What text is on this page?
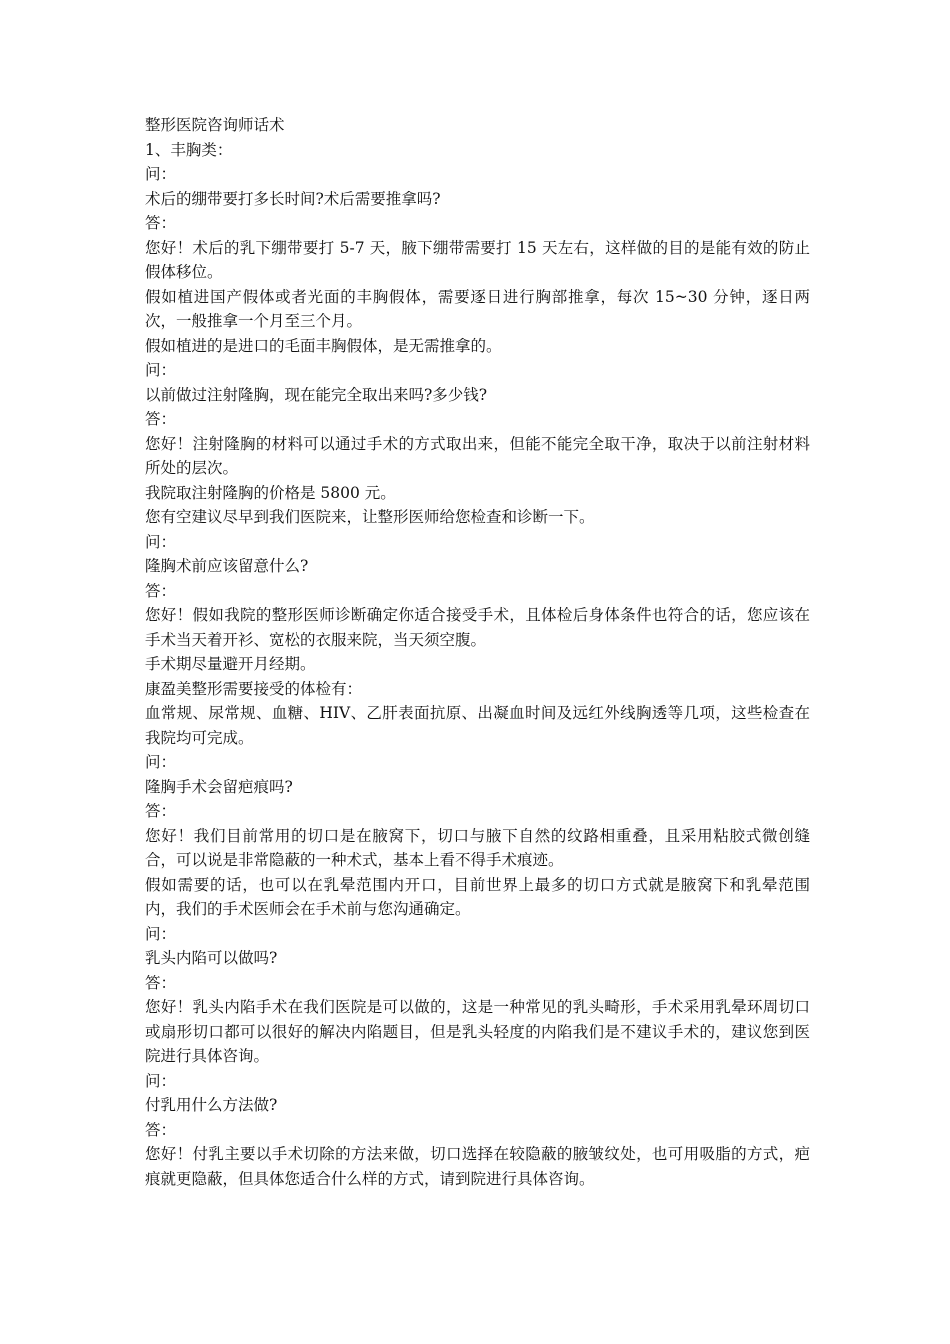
整形医院咨询师话术

1、丰胸类：

问：

术后的绷带要打多长时间?术后需要推拿吗?

答：

您好！术后的乳下绷带要打 5-7 天，腋下绷带需要打 15 天左右，这样做的目的是能有效的防止假体移位。

假如植进国产假体或者光面的丰胸假体，需要逐日进行胸部推拿，每次 15~30 分钟，逐日两次，一般推拿一个月至三个月。

假如植进的是进口的毛面丰胸假体，是无需推拿的。

问：

以前做过注射隆胸，现在能完全取出来吗?多少钱?

答：

您好！注射隆胸的材料可以通过手术的方式取出来，但能不能完全取干净，取决于以前注射材料所处的层次。

我院取注射隆胸的价格是 5800 元。

您有空建议尽早到我们医院来，让整形医师给您检查和诊断一下。

问：

隆胸术前应该留意什么?

答：

您好！假如我院的整形医师诊断确定你适合接受手术，且体检后身体条件也符合的话，您应该在手术当天着开衫、宽松的衣服来院，当天须空腹。

手术期尽量避开月经期。

康盈美整形需要接受的体检有：

血常规、尿常规、血糖、HIV、乙肝表面抗原、出凝血时间及远红外线胸透等几项，这些检查在我院均可完成。

问：

隆胸手术会留疤痕吗?

答：

您好！我们目前常用的切口是在腋窝下，切口与腋下自然的纹路相重叠，且采用粘胶式微创缝合，可以说是非常隐蔽的一种术式，基本上看不得手术痕迹。

假如需要的话，也可以在乳晕范围内开口，目前世界上最多的切口方式就是腋窝下和乳晕范围内，我们的手术医师会在手术前与您沟通确定。

问：

乳头内陷可以做吗?

答：

您好！乳头内陷手术在我们医院是可以做的，这是一种常见的乳头畸形，手术采用乳晕环周切口或扇形切口都可以很好的解决内陷题目，但是乳头轻度的内陷我们是不建议手术的，建议您到医院进行具体咨询。

问：

付乳用什么方法做?

答：

您好！付乳主要以手术切除的方法来做，切口选择在较隐蔽的腋皱纹处，也可用吸脂的方式，疤痕就更隐蔽，但具体您适合什么样的方式，请到院进行具体咨询。
